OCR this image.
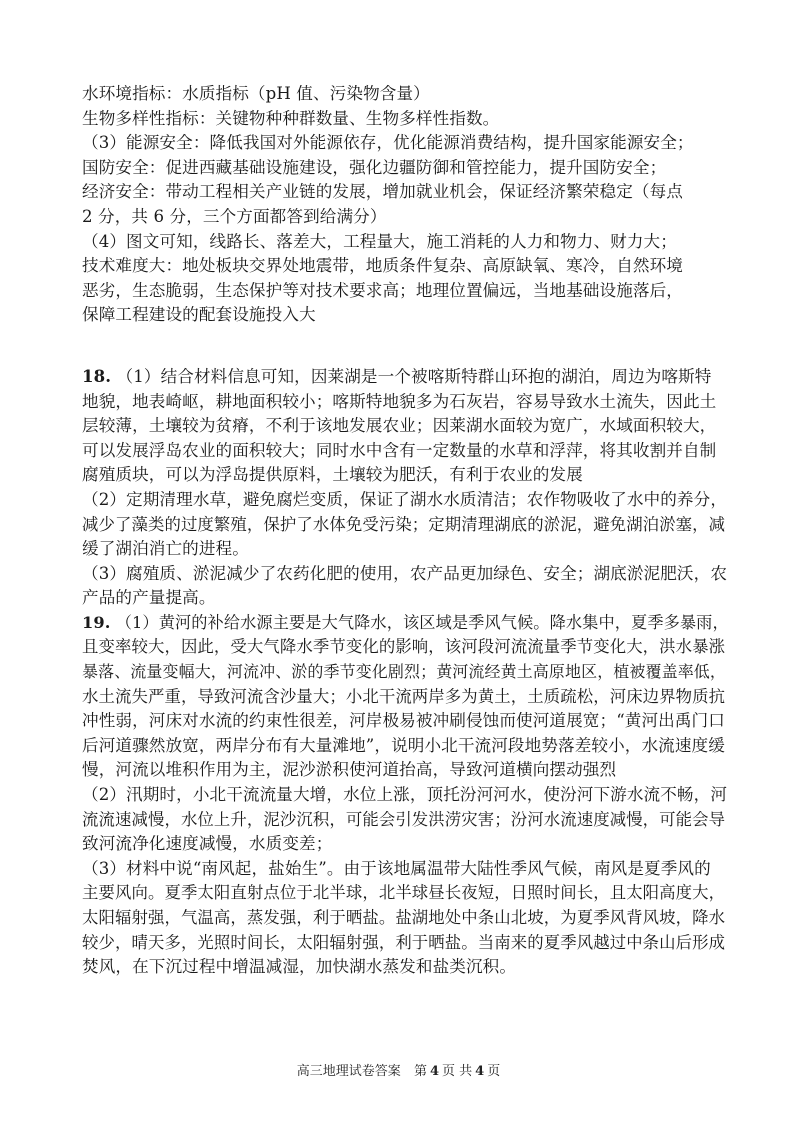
水环境指标：水质指标（pH 值、污染物含量）
生物多样性指标：关键物种种群数量、生物多样性指数。
（3）能源安全：降低我国对外能源依存，优化能源消费结构，提升国家能源安全；
国防安全：促进西藏基础设施建设，强化边疆防御和管控能力，提升国防安全；
经济安全：带动工程相关产业链的发展，增加就业机会，保证经济繁荣稳定（每点
2 分，共 6 分，三个方面都答到给满分）
（4）图文可知，线路长、落差大，工程量大，施工消耗的人力和物力、财力大；
技术难度大：地处板块交界处地震带，地质条件复杂、高原缺氧、寒冷，自然环境
恶劣，生态脆弱，生态保护等对技术要求高；地理位置偏远，当地基础设施落后，
保障工程建设的配套设施投入大
18. （1）结合材料信息可知，因莱湖是一个被喀斯特群山环抱的湖泊，周边为喀斯特
地貌，地表崎岖，耕地面积较小；喀斯特地貌多为石灰岩，容易导致水土流失，因此土
层较薄，土壤较为贫瘠，不利于该地发展农业；因莱湖水面较为宽广，水域面积较大，
可以发展浮岛农业的面积较大；同时水中含有一定数量的水草和浮萍，将其收割并自制
腐殖质块，可以为浮岛提供原料，土壤较为肥沃，有利于农业的发展
（2）定期清理水草，避免腐烂变质，保证了湖水水质清洁；农作物吸收了水中的养分，
减少了藻类的过度繁殖，保护了水体免受污染；定期清理湖底的淤泥，避免湖泊淤塞，减
缓了湖泊消亡的进程。
（3）腐殖质、淤泥减少了农药化肥的使用，农产品更加绿色、安全；湖底淤泥肥沃，农
产品的产量提高。
19. （1）黄河的补给水源主要是大气降水，该区域是季风气候。降水集中，夏季多暴雨，
且变率较大，因此，受大气降水季节变化的影响，该河段河流流量季节变化大，洪水暴涨
暴落、流量变幅大，河流冲、淤的季节变化剧烈；黄河流经黄土高原地区，植被覆盖率低，
水土流失严重，导致河流含沙量大；小北干流两岸多为黄土，土质疏松，河床边界物质抗
冲性弱，河床对水流的约束性很差，河岸极易被冲刷侵蚀而使河道展宽；“黄河出禹门口
后河道骤然放宽，两岸分布有大量滩地”，说明小北干流河段地势落差较小，水流速度缓
慢，河流以堆积作用为主，泥沙淤积使河道抬高，导致河道横向摆动强烈
（2）汛期时，小北干流流量大增，水位上涨，顶托汾河河水，使汾河下游水流不畅，河
流流速减慢，水位上升，泥沙沉积，可能会引发洪涝灾害；汾河水流速度减慢，可能会导
致河流净化速度减慢，水质变差；
（3）材料中说“南风起，盐始生”。由于该地属温带大陆性季风气候，南风是夏季风的
主要风向。夏季太阳直射点位于北半球，北半球昼长夜短，日照时间长，且太阳高度大，
太阳辐射强，气温高，蒸发强，利于晒盐。盐湖地处中条山北坡，为夏季风背风坡，降水
较少，晴天多，光照时间长，太阳辐射强，利于晒盐。当南来的夏季风越过中条山后形成
焚风，在下沉过程中增温减湿，加快湖水蒸发和盐类沉积。
高三地理试卷答案 第 4 页 共 4 页
